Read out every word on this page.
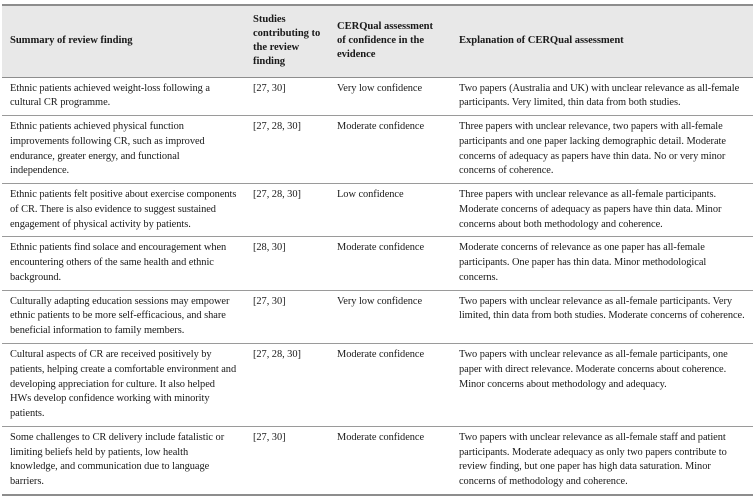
Summary of review finding	Studies contributing to the review finding	CERQual assessment of confidence in the evidence	Explanation of CERQual assessment
Ethnic patients achieved weight-loss following a cultural CR programme.	[27, 30]	Very low confidence	Two papers (Australia and UK) with unclear relevance as all-female participants. Very limited, thin data from both studies.
Ethnic patients achieved physical function improvements following CR, such as improved endurance, greater energy, and functional independence.	[27, 28, 30]	Moderate confidence	Three papers with unclear relevance, two papers with all-female participants and one paper lacking demographic detail. Moderate concerns of adequacy as papers have thin data. No or very minor concerns of coherence.
Ethnic patients felt positive about exercise components of CR. There is also evidence to suggest sustained engagement of physical activity by patients.	[27, 28, 30]	Low confidence	Three papers with unclear relevance as all-female participants. Moderate concerns of adequacy as papers have thin data. Minor concerns about both methodology and coherence.
Ethnic patients find solace and encouragement when encountering others of the same health and ethnic background.	[28, 30]	Moderate confidence	Moderate concerns of relevance as one paper has all-female participants. One paper has thin data. Minor methodological concerns.
Culturally adapting education sessions may empower ethnic patients to be more self-efficacious, and share beneficial information to family members.	[27, 30]	Very low confidence	Two papers with unclear relevance as all-female participants. Very limited, thin data from both studies. Moderate concerns of coherence.
Cultural aspects of CR are received positively by patients, helping create a comfortable environment and developing appreciation for culture. It also helped HWs develop confidence working with minority patients.	[27, 28, 30]	Moderate confidence	Two papers with unclear relevance as all-female participants, one paper with direct relevance. Moderate concerns about coherence. Minor concerns about methodology and adequacy.
Some challenges to CR delivery include fatalistic or limiting beliefs held by patients, low health knowledge, and communication due to language barriers.	[27, 30]	Moderate confidence	Two papers with unclear relevance as all-female staff and patient participants. Moderate adequacy as only two papers contribute to review finding, but one paper has high data saturation. Minor concerns of methodology and coherence.
